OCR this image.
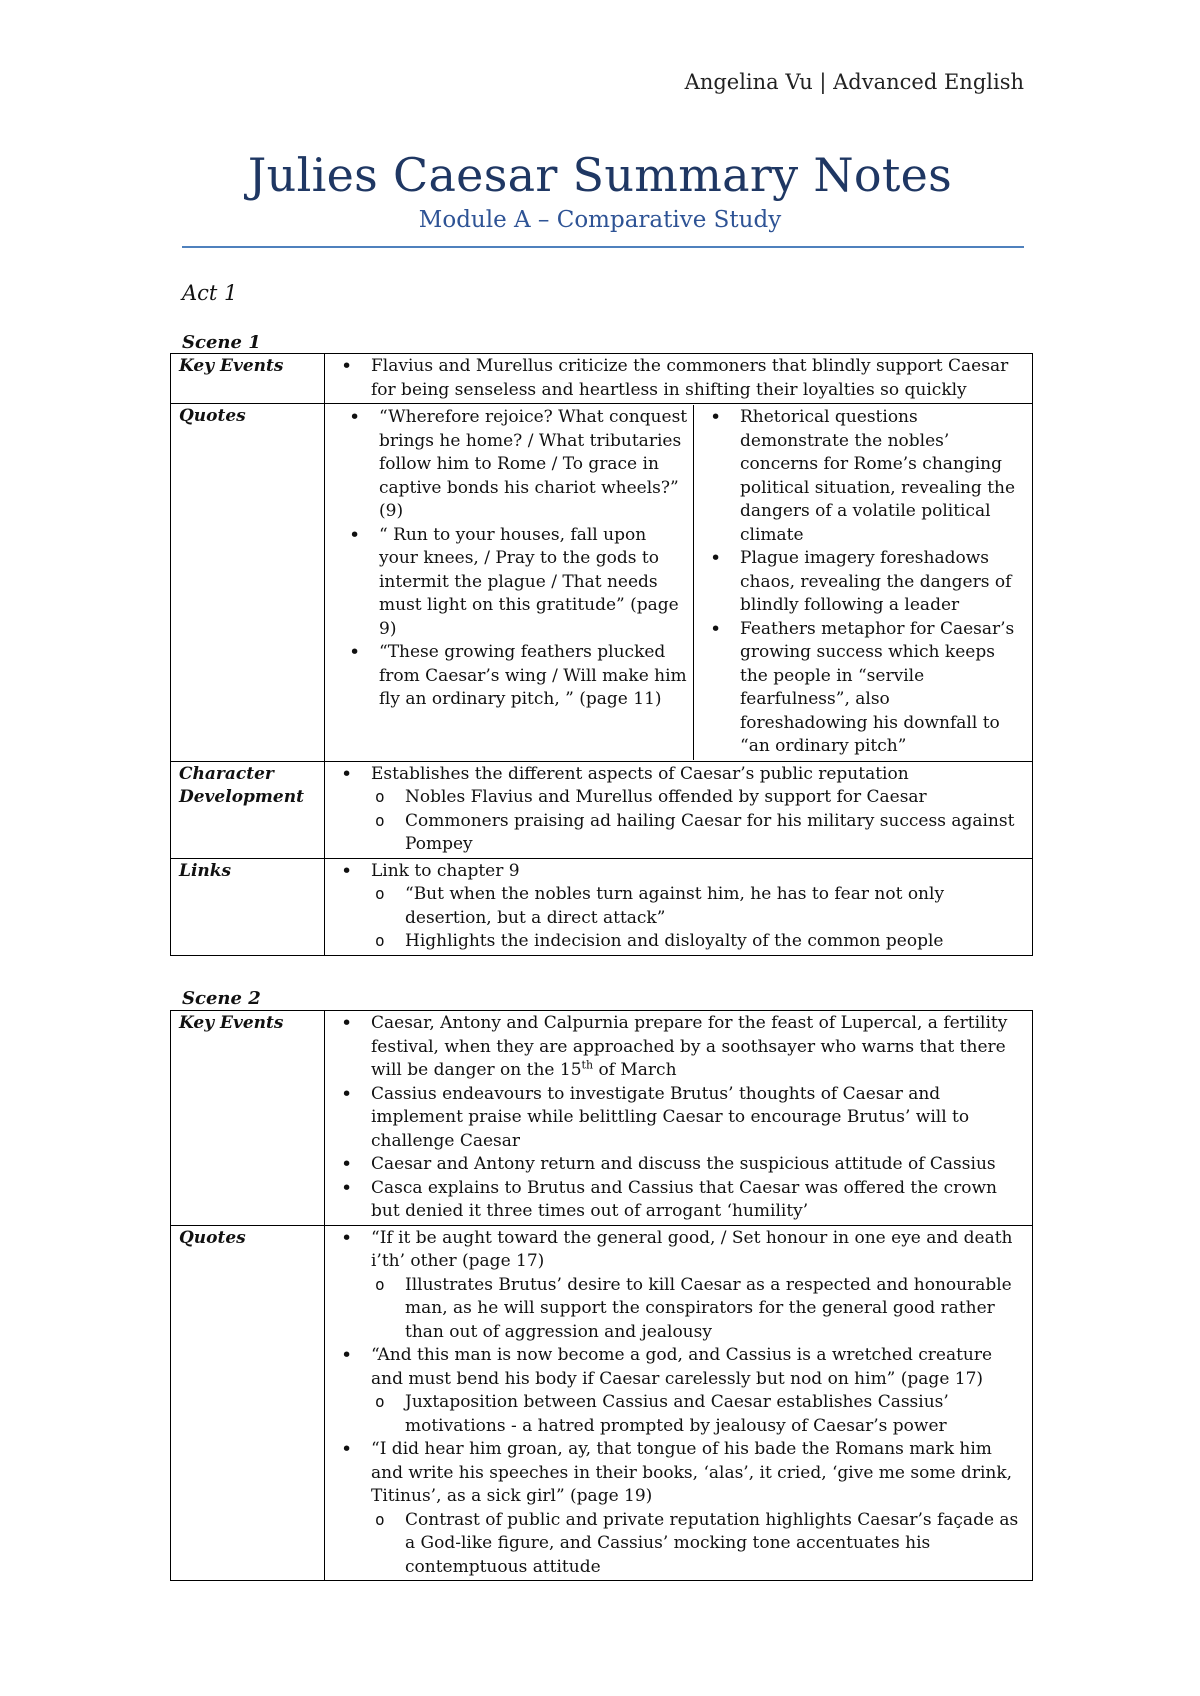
Angelina Vu | Advanced English
Julies Caesar Summary Notes
Module A – Comparative Study
Act 1
Scene 1
Key Events	
•Flavius and Murellus criticize the commoners that blindly support Caesar for being senseless and heartless in shifting their loyalties so quickly

Quotes	
•	“Wherefore rejoice? What conquest brings he home? / What tributaries follow him to Rome / To grace in captive bonds his chariot wheels?” (9)
• “ Run to your houses, fall upon your knees, / Pray to the gods to intermit the plague / That needs must light on this gratitude” (page 9)
• “These growing feathers plucked from Caesar’s wing / Will make him fly an ordinary pitch, ” (page 11)

• Rhetorical questions demonstrate the nobles’ concerns for Rome’s changing political situation, revealing the dangers of a volatile political climate
• Plague imagery foreshadows chaos, revealing the dangers of blindly following a leader
• Feathers metaphor for Caesar’s growing success which keeps the people in “servile fearfulness”, also foreshadowing his downfall to “an ordinary pitch”

Character
Development	
• Establishes the different aspects of Caesar’s public reputation
o Nobles Flavius and Murellus offended by support for Caesar
o Commoners praising ad hailing Caesar for his military success against Pompey

Links	
•Link to chapter 9
o “But when the nobles turn against him, he has to fear not only desertion, but a direct attack”
o Highlights the indecision and disloyalty of the common people
Scene 2
Key Events	
•Caesar, Antony and Calpurnia prepare for the feast of Lupercal, a fertility festival, when they are approached by a soothsayer who warns that there will be danger on the 15th of March
• Cassius endeavours to investigate Brutus’ thoughts of Caesar and implement praise while belittling Caesar to encourage Brutus’ will to challenge Caesar
• Caesar and Antony return and discuss the suspicious attitude of Cassius
• Casca explains to Brutus and Cassius that Caesar was offered the crown but denied it three times out of arrogant ‘humility’

Quotes	
•“If it be aught toward the general good, / Set honour in one eye and death i’th’ other (page 17)
o Illustrates Brutus’ desire to kill Caesar as a respected and honourable man, as he will support the conspirators for the general good rather than out of aggression and jealousy
• “And this man is now become a god, and Cassius is a wretched creature and must bend his body if Caesar carelessly but nod on him” (page 17)
o Juxtaposition between Cassius and Caesar establishes Cassius’ motivations - a hatred prompted by jealousy of Caesar’s power
• “I did hear him groan, ay, that tongue of his bade the Romans mark him and write his speeches in their books, ‘alas’, it cried, ‘give me some drink, Titinus’, as a sick girl” (page 19)
o Contrast of public and private reputation highlights Caesar’s façade as a God-like figure, and Cassius’ mocking tone accentuates his contemptuous attitude
